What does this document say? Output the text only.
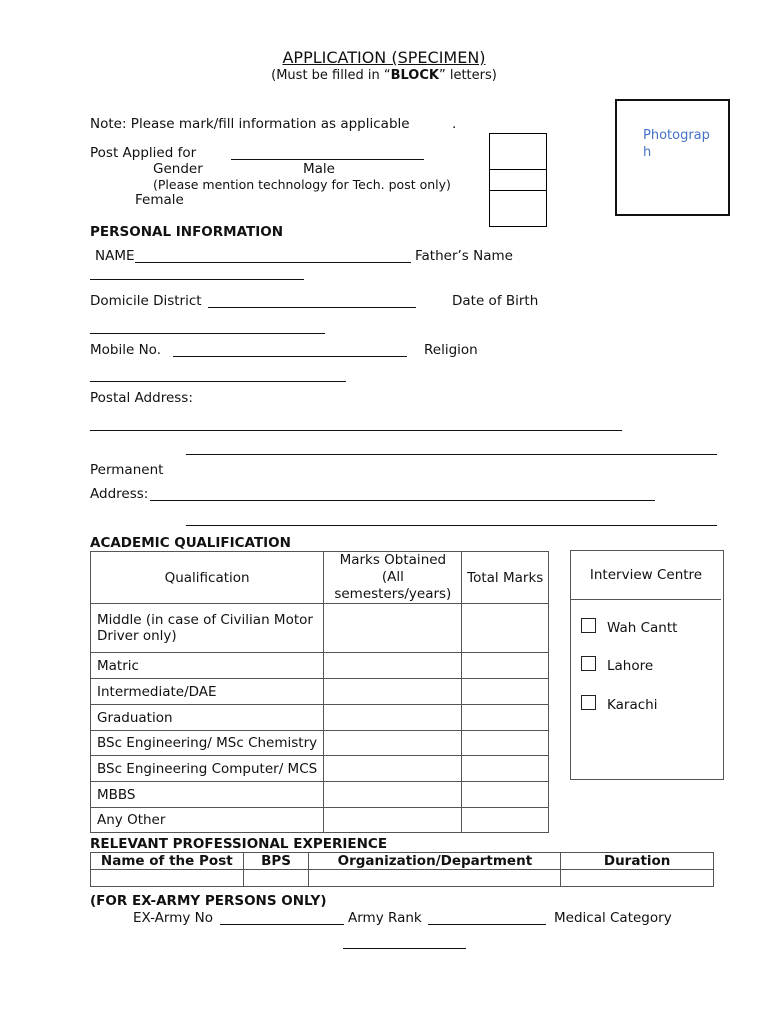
APPLICATION (SPECIMEN)
(Must be filled in “BLOCK” letters)
Photograp h
Note: Please mark/fill information as applicable	.
Post Applied for
Gender	Male
(Please mention technology for Tech. post only)
Female
PERSONAL INFORMATION
NAME	Father’s Name
Domicile District	Date of Birth
Mobile No.	Religion
Postal Address:
Permanent
Address:
ACADEMIC QUALIFICATION
Qualification	Marks Obtained (All semesters/years)	Total Marks
Middle (in case of Civilian Motor Driver only)		
Matric		
Intermediate/DAE		
Graduation		
BSc Engineering/ MSc Chemistry		
BSc Engineering Computer/ MCS		
MBBS		
Any Other		
Interview Centre
Wah Cantt
Lahore
Karachi
RELEVANT PROFESSIONAL EXPERIENCE
Name of the Post	BPS	Organization/Department	Duration

(FOR EX-ARMY PERSONS ONLY)
EX-Army No	Army Rank	Medical Category
